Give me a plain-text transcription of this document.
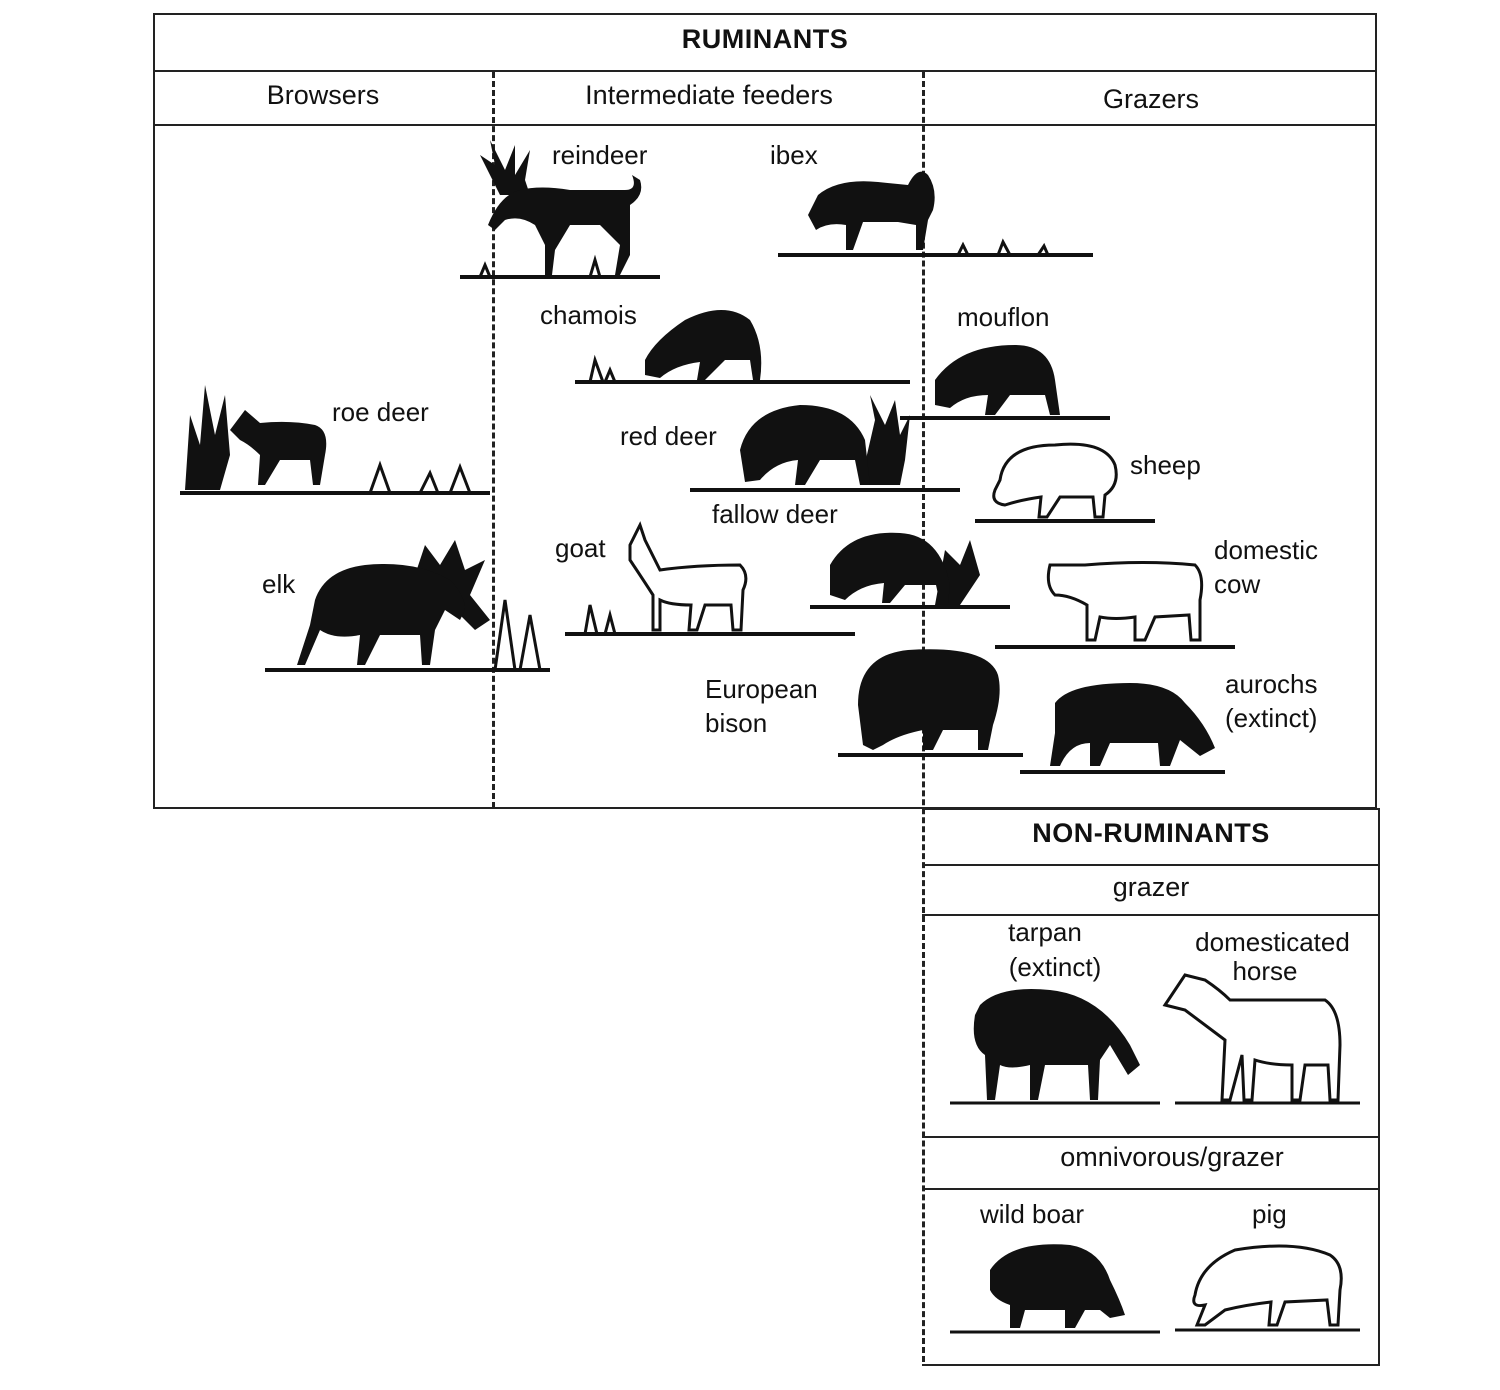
RUMINANTS
Browsers	Intermediate feeders	Grazers
NON-RUMINANTS
grazer
omnivorous/grazer
reindeer	ibex
chamois	mouflon
roe deer
red deer
sheep
fallow deer
goat	domestic
cow
elk
European
bison
aurochs
(extinct)
tarpan
(extinct)
domesticated
horse
wild boar	pig
